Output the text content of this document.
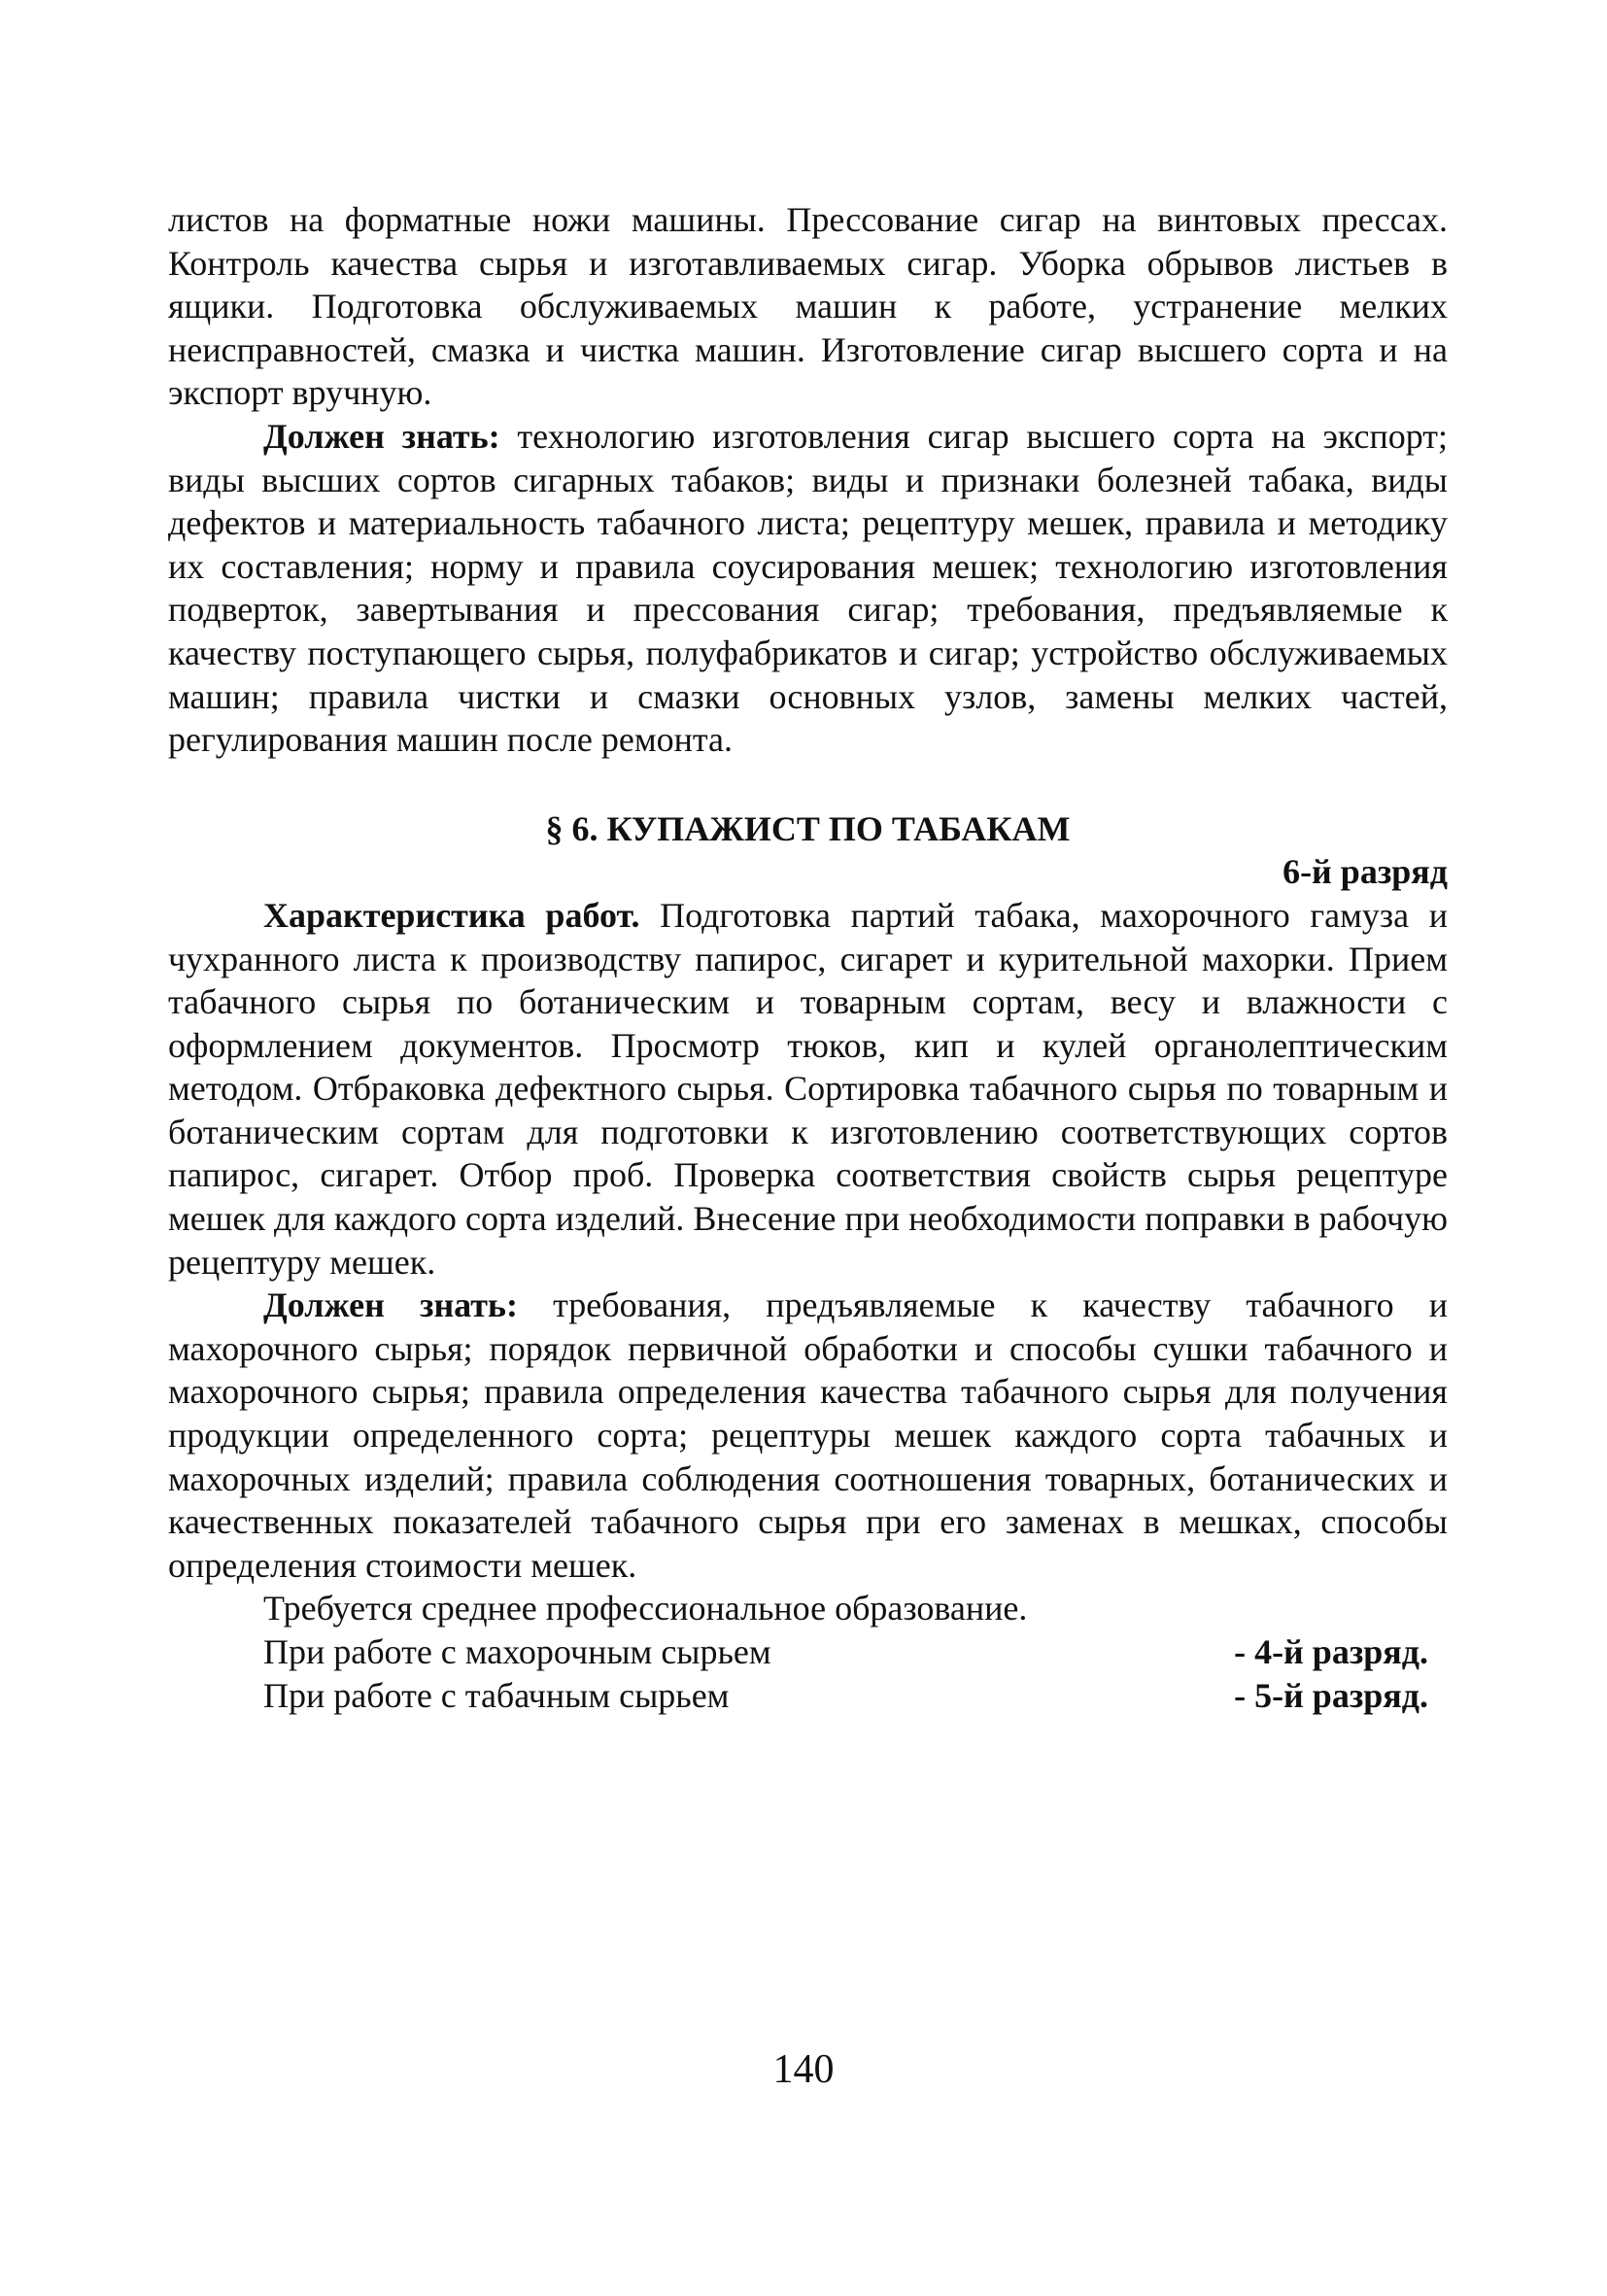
листов на форматные ножи машины. Прессование сигар на винтовых прессах. Контроль качества сырья и изготавливаемых сигар. Уборка обрывов листьев в ящики. Подготовка обслуживаемых машин к работе, устранение мелких неисправностей, смазка и чистка машин. Изготовление сигар высшего сорта и на экспорт вручную.

Должен знать: технологию изготовления сигар высшего сорта на экспорт; виды высших сортов сигарных табаков; виды и признаки болезней табака, виды дефектов и материальность табачного листа; рецептуру мешек, правила и методику их составления; норму и правила соусирования мешек; технологию изготовления подверток, завертывания и прессования сигар; требования, предъявляемые к качеству поступающего сырья, полуфабрикатов и сигар; устройство обслуживаемых машин; правила чистки и смазки основных узлов, замены мелких частей, регулирования машин после ремонта.

§ 6. КУПАЖИСТ ПО ТАБАКАМ

6-й разряд

Характеристика работ. Подготовка партий табака, махорочного гамуза и чухранного листа к производству папирос, сигарет и курительной махорки. Прием табачного сырья по ботаническим и товарным сортам, весу и влажности с оформлением документов. Просмотр тюков, кип и кулей органолептическим методом. Отбраковка дефектного сырья. Сортировка табачного сырья по товарным и ботаническим сортам для подготовки к изготовлению соответствующих сортов папирос, сигарет. Отбор проб. Проверка соответствия свойств сырья рецептуре мешек для каждого сорта изделий. Внесение при необходимости поправки в рабочую рецептуру мешек.

Должен знать: требования, предъявляемые к качеству табачного и махорочного сырья; порядок первичной обработки и способы сушки табачного и махорочного сырья; правила определения качества табачного сырья для получения продукции определенного сорта; рецептуры мешек каждого сорта табачных и махорочных изделий; правила соблюдения соотношения товарных, ботанических и качественных показателей табачного сырья при его заменах в мешках, способы определения стоимости мешек.

Требуется среднее профессиональное образование.

При работе с махорочным сырьем	- 4-й разряд.

При работе с табачным сырьем	- 5-й разряд.

140
